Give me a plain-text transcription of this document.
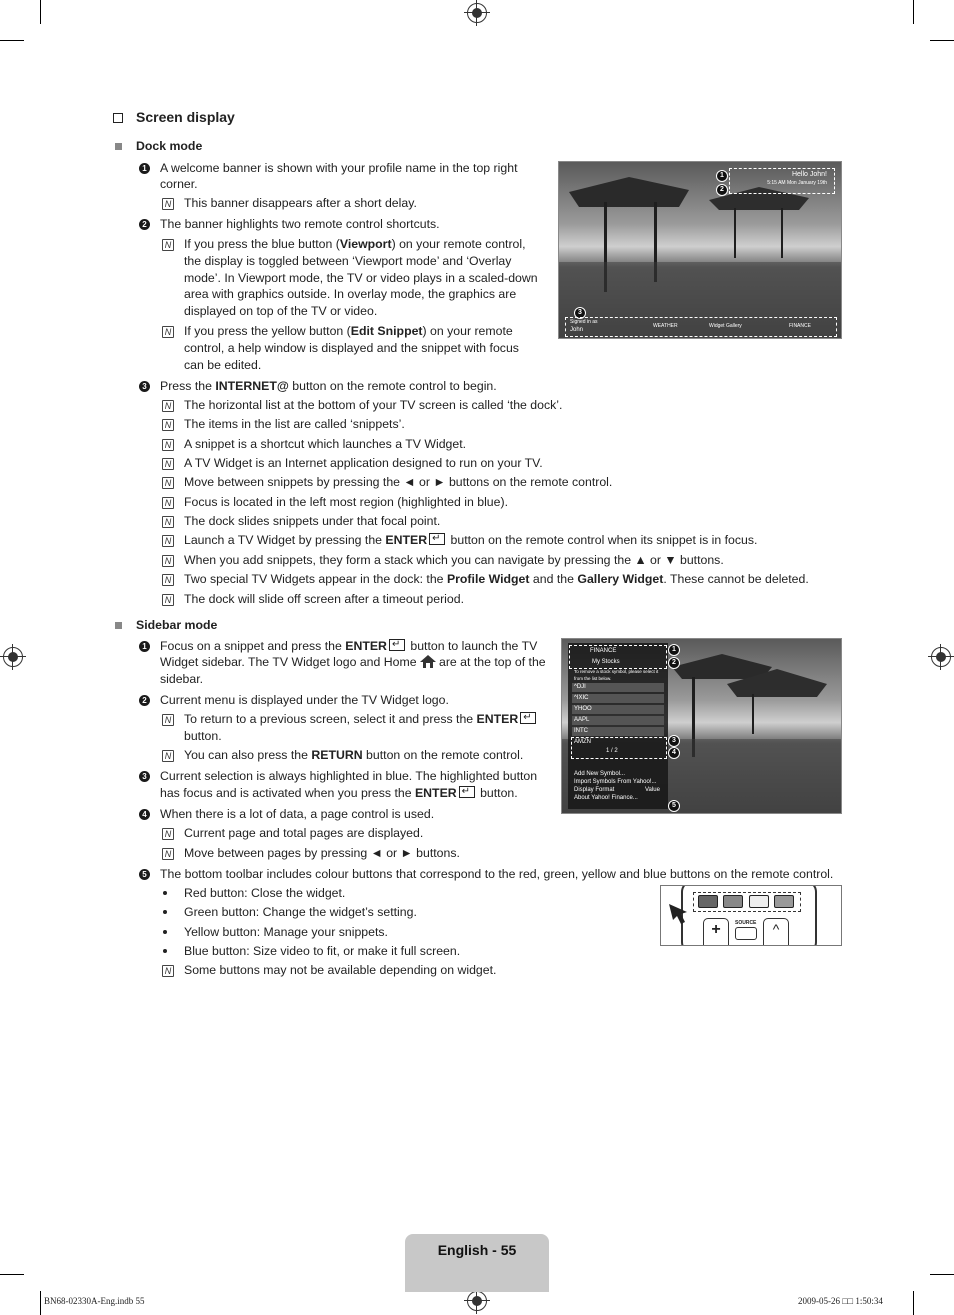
Screen display
Dock mode
1 A welcome banner is shown with your profile name in the top right
corner.
N This banner disappears after a short delay.
2 The banner highlights two remote control shortcuts.
N If you press the blue button (Viewport) on your remote control,
the display is toggled between ‘Viewport mode’ and ‘Overlay
mode’. In Viewport mode, the TV or video plays in a scaled-down
area with graphics outside. In overlay mode, the graphics are
displayed on top of the TV or video.
N If you press the yellow button (Edit Snippet) on your remote
control, a help window is displayed and the snippet with focus
can be edited.
3 Press the INTERNET@ button on the remote control to begin.
N The horizontal list at the bottom of your TV screen is called ‘the dock’.
N The items in the list are called ‘snippets’.
N A snippet is a shortcut which launches a TV Widget.
N A TV Widget is an Internet application designed to run on your TV.
N Move between snippets by pressing the ◄ or ► buttons on the remote control.
N Focus is located in the left most region (highlighted in blue).
N The dock slides snippets under that focal point.
N Launch a TV Widget by pressing the ENTER↵ button on the remote control when its snippet is in focus.
N When you add snippets, they form a stack which you can navigate by pressing the ▲ or ▼ buttons.
N Two special TV Widgets appear in the dock: the Profile Widget and the Gallery Widget. These cannot be deleted.
N The dock will slide off screen after a timeout period.
Hello John!
5:15 AM Mon January 19th
1
2
3
Signed in as
John
WEATHER	Widget Gallery	FINANCE
Sidebar mode
1 Focus on a snippet and press the ENTER↵ button to launch the TV
Widget sidebar. The TV Widget logo and Home are at the top of the
sidebar.
2 Current menu is displayed under the TV Widget logo.
N To return to a previous screen, select it and press the ENTER↵
button.
N You can also press the RETURN button on the remote control.
3 Current selection is always highlighted in blue. The highlighted button
has focus and is activated when you press the ENTER↵ button.
4 When there is a lot of data, a page control is used.
N Current page and total pages are displayed.
N Move between pages by pressing ◄ or ► buttons.
5 The bottom toolbar includes colour buttons that correspond to the red, green, yellow and blue buttons on the remote control.
Red button: Close the widget.
Green button: Change the widget’s setting.
Yellow button: Manage your snippets.
Blue button: Size video to fit, or make it full screen.
N Some buttons may not be available depending on widget.
FINANCE
My Stocks
To remove a stock symbol, please select it from the list below.
^DJI
^IXIC
YHOO
AAPL
INTC
AMZN
1 / 2
Add New Symbol...
Import Symbols From Yahoo!...
Display Format	Value
About Yahoo! Finance...
1
2
3
4
5
+	SOURCE	^
English - 55
BN68-02330A-Eng.indb 55	2009-05-26 □□ 1:50:34
